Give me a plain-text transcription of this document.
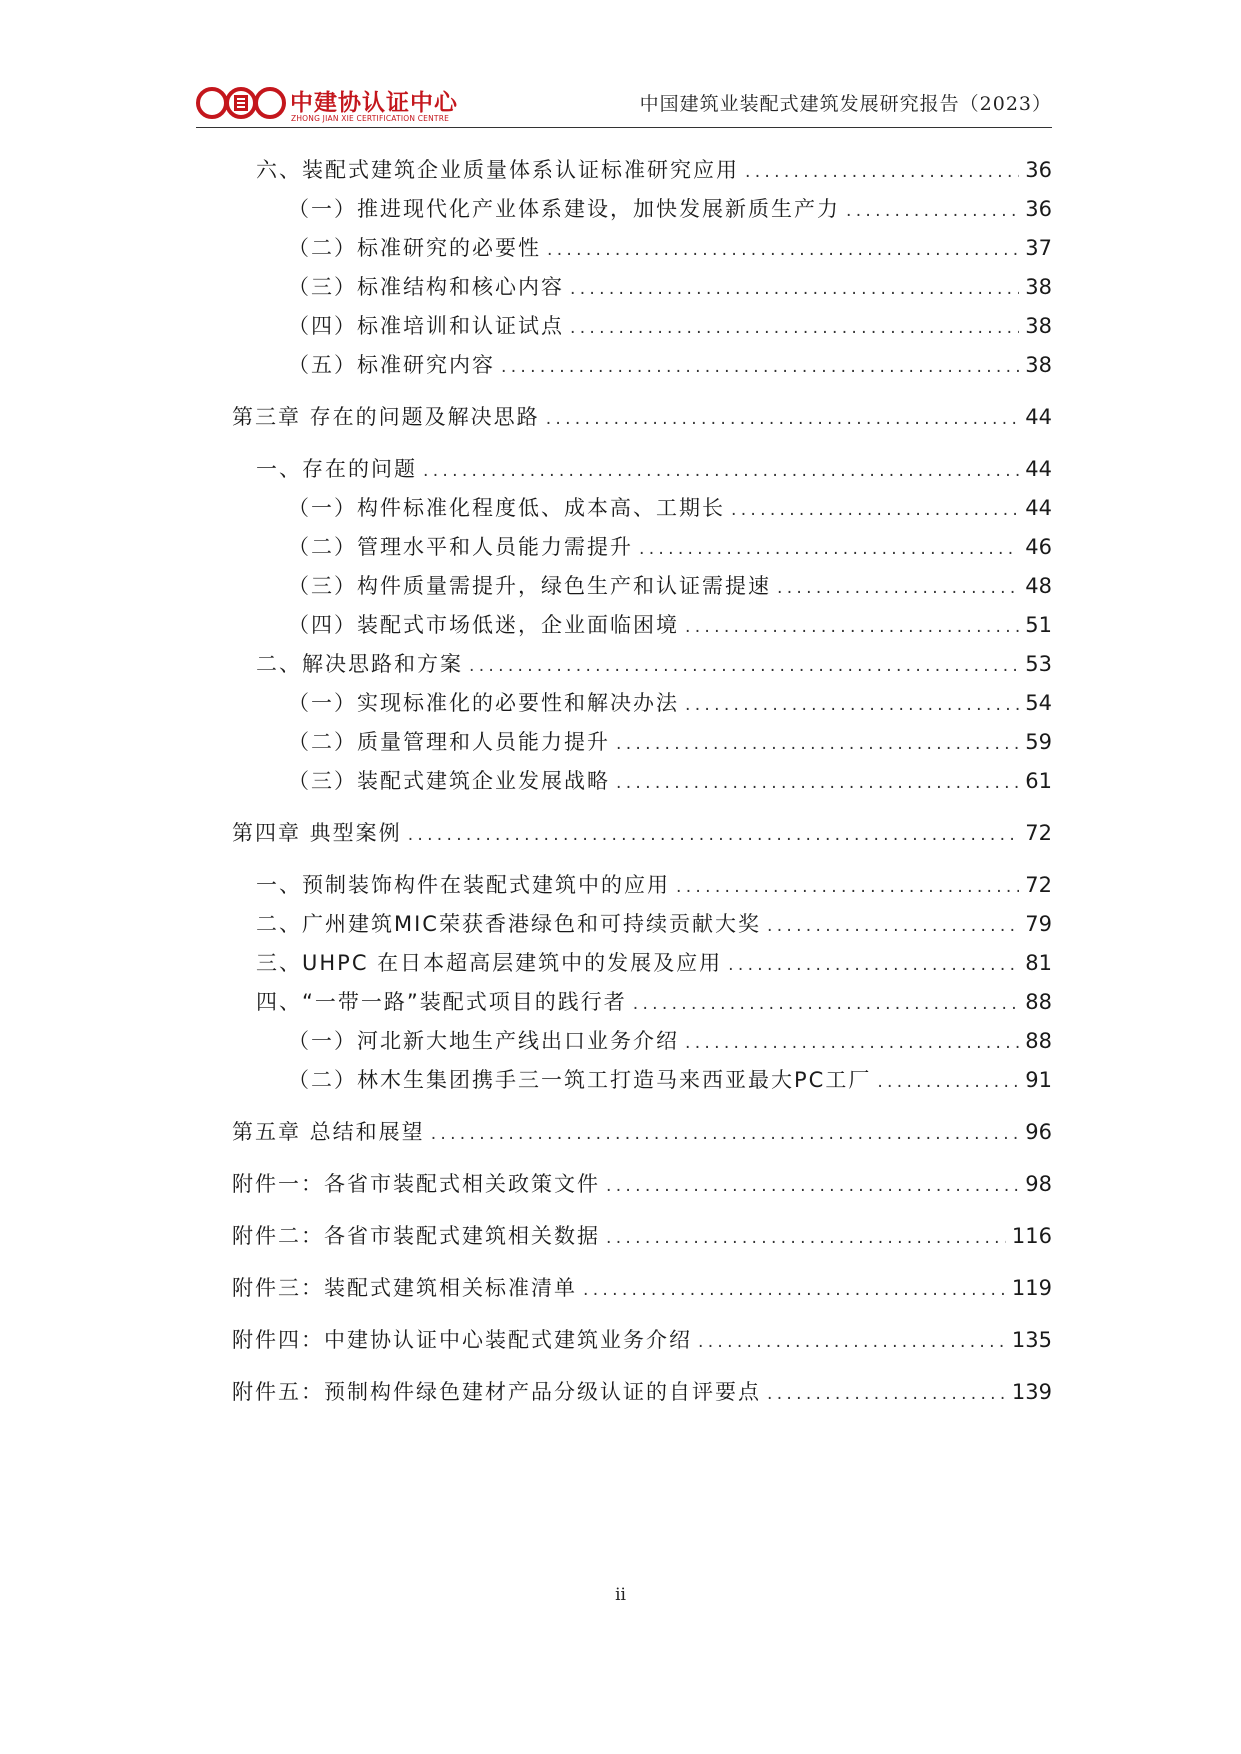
中建协认证中心
ZHONG JIAN XIE CERTIFICATION CENTRE
中国建筑业装配式建筑发展研究报告（2023）
六、装配式建筑企业质量体系认证标准研究应用 .....	36
（一）推进现代化产业体系建设，加快发展新质生产力 .....	36
（二）标准研究的必要性 .....	37
（三）标准结构和核心内容 .....	38
（四）标准培训和认证试点 .....	38
（五）标准研究内容 .....	38
第三章 存在的问题及解决思路 .....	44
一、存在的问题 .....	44
（一）构件标准化程度低、成本高、工期长 .....	44
（二）管理水平和人员能力需提升 .....	46
（三）构件质量需提升，绿色生产和认证需提速 .....	48
（四）装配式市场低迷，企业面临困境 .....	51
二、解决思路和方案 .....	53
（一）实现标准化的必要性和解决办法 .....	54
（二）质量管理和人员能力提升 .....	59
（三）装配式建筑企业发展战略 .....	61
第四章 典型案例 .....	72
一、预制装饰构件在装配式建筑中的应用 .....	72
二、广州建筑MIC荣获香港绿色和可持续贡献大奖 .....	79
三、UHPC 在日本超高层建筑中的发展及应用 .....	81
四、“一带一路”装配式项目的践行者 .....	88
（一）河北新大地生产线出口业务介绍 .....	88
（二）林木生集团携手三一筑工打造马来西亚最大PC工厂 .....	91
第五章 总结和展望 .....	96
附件一：各省市装配式相关政策文件 .....	98
附件二：各省市装配式建筑相关数据 .....	116
附件三：装配式建筑相关标准清单 .....	119
附件四：中建协认证中心装配式建筑业务介绍 .....	135
附件五：预制构件绿色建材产品分级认证的自评要点 .....	139
ii
